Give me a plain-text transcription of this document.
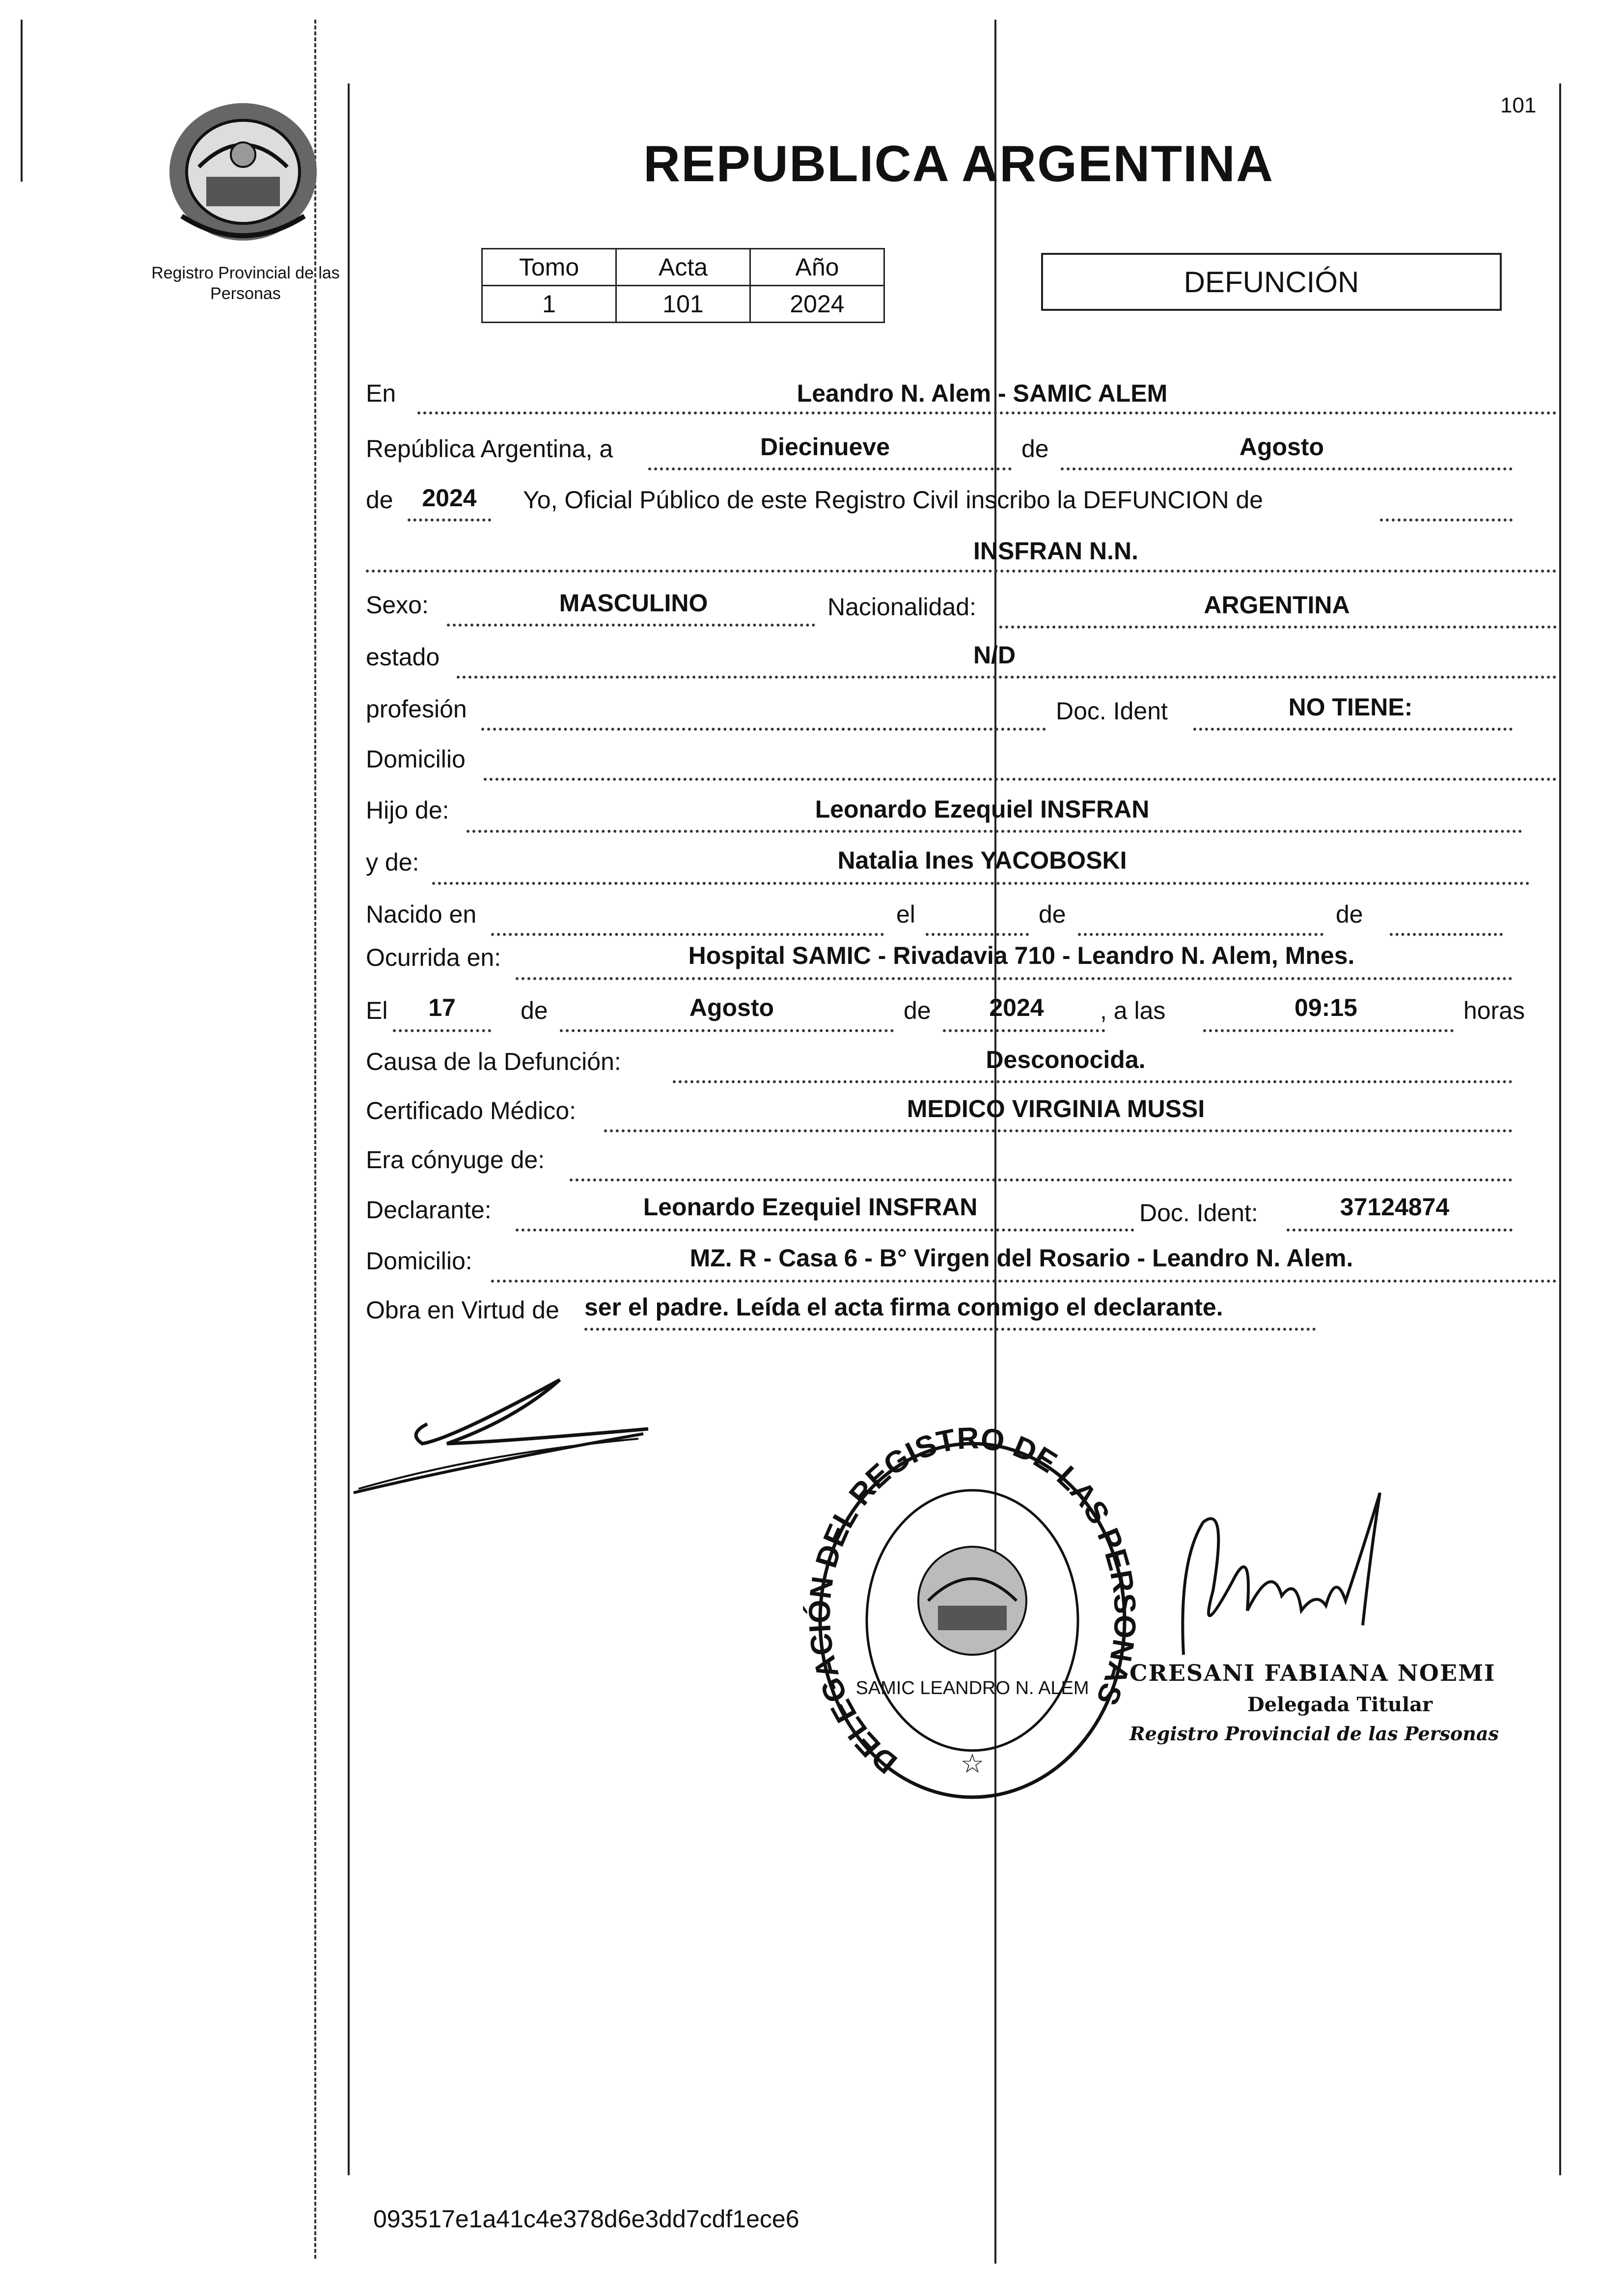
Registro Provincial de las Personas
101
REPUBLICA ARGENTINA
Tomo	Acta	Año
1	101	2024
DEFUNCIÓN
En	Leandro N. Alem - SAMIC ALEM
República Argentina, a	Diecinueve	de	Agosto
de	2024	Yo, Oficial Público de este Registro Civil inscribo la DEFUNCION de
INSFRAN N.N.
Sexo:	MASCULINO	Nacionalidad:	ARGENTINA
estado	N/D
profesión	Doc. Ident	NO TIENE:
Domicilio
Hijo de:	Leonardo Ezequiel INSFRAN
y de:	Natalia Ines YACOBOSKI
Nacido en	el	de	de
Ocurrida en:	Hospital SAMIC - Rivadavia 710 - Leandro N. Alem, Mnes.
El	17	de	Agosto	de	2024	, a las	09:15	horas
Causa de la Defunción:	Desconocida.
Certificado Médico:	MEDICO VIRGINIA MUSSI
Era cónyuge de:
Declarante:	Leonardo Ezequiel INSFRAN	Doc. Ident:	37124874
Domicilio:	MZ. R - Casa 6 - B° Virgen del Rosario - Leandro N. Alem.
Obra en Virtud de ser el padre. Leída el acta firma conmigo el declarante.
DELEGACIÓN DEL REGISTRO DE LAS PERSONAS
SAMIC LEANDRO N. ALEM
☆
CRESANI FABIANA NOEMI
Delegada Titular
Registro Provincial de las Personas
093517e1a41c4e378d6e3dd7cdf1ece6
